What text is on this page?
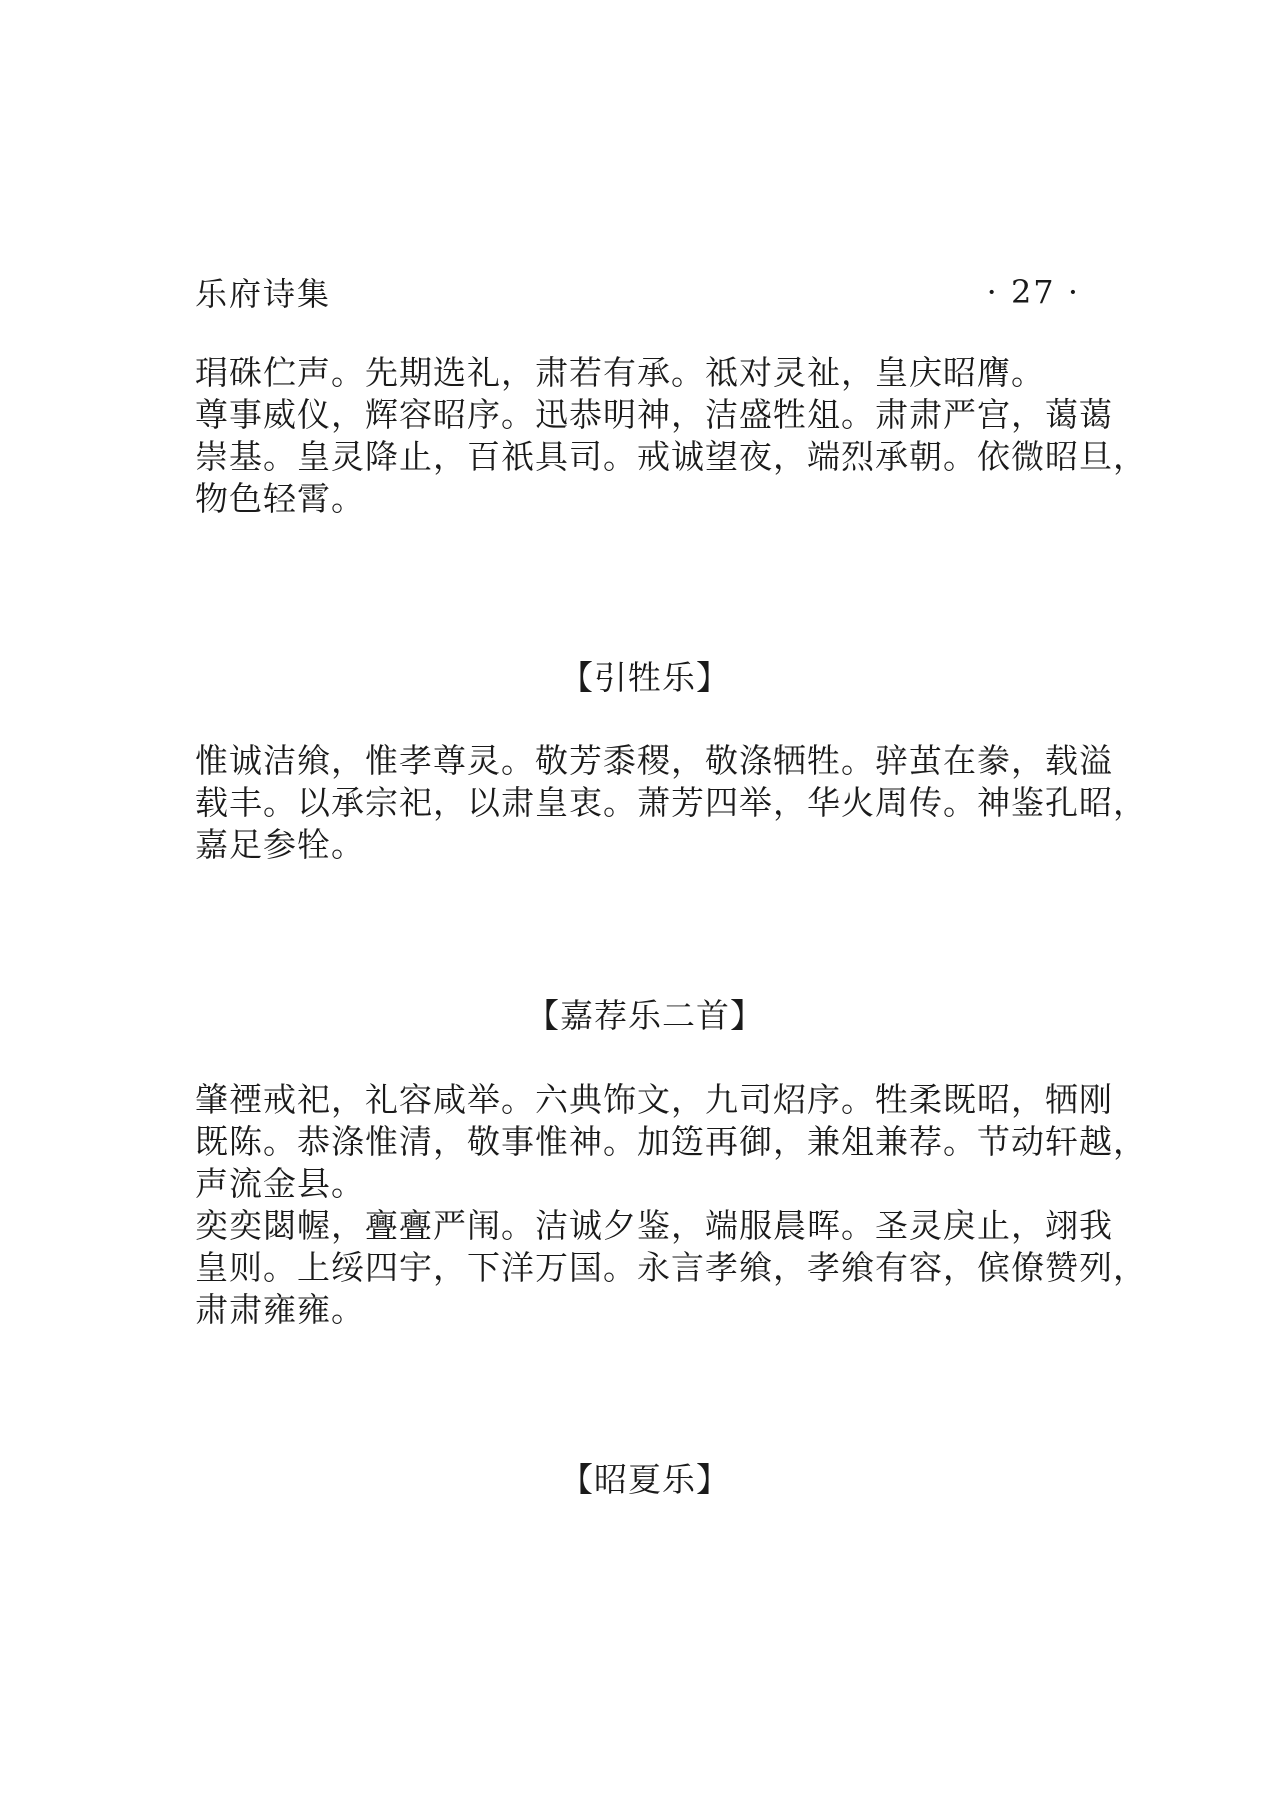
乐府诗集	· 27 ·
琄硃伫声。先期选礼，肃若有承。祗对灵祉，皇庆昭膺。
尊事威仪，辉容昭序。迅恭明神，洁盛牲俎。肃肃严宫，蔼蔼
崇基。皇灵降止，百祇具司。戒诚望夜，端烈承朝。依微昭旦，
物色轻霄。
【引牲乐】
惟诚洁飨，惟孝尊灵。敬芳黍稷，敬涤牺牲。骍茧在豢，载溢
载丰。以承宗祀，以肃皇衷。萧芳四举，华火周传。神鉴孔昭，
嘉足参牷。
【嘉荐乐二首】
肇禋戒祀，礼容咸举。六典饰文，九司炤序。牲柔既昭，牺刚
既陈。恭涤惟清，敬事惟神。加笾再御，兼俎兼荐。节动轩越，
声流金县。
奕奕閟幄，亹亹严闱。洁诚夕鉴，端服晨晖。圣灵戾止，翊我
皇则。上绥四宇，下洋万国。永言孝飨，孝飨有容，傧僚赞列，
肃肃雍雍。
【昭夏乐】
